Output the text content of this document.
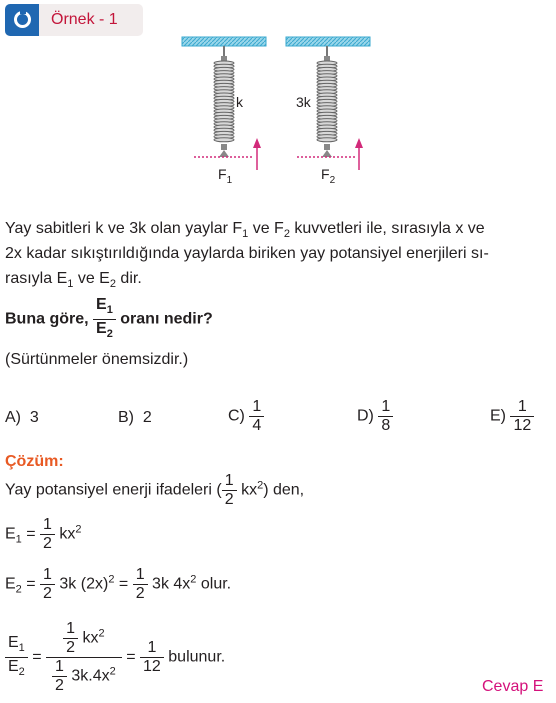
Örnek - 1
k	3k
$F_1$	$F_2$
Yay sabitleri k ve 3k olan yaylar $F_1$ ve $F_2$ kuvvetleri ile, sırasıyla x ve
2x kadar sıkıştırıldığında yaylarda biriken yay potansiyel enerjileri sı-
rasıyla $E_1$ ve $E_2$ dir.
Buna göre, $\frac{E_1}{E_2}$ oranı nedir?
(Sürtünmeler önemsizdir.)
A) 3	B) 2	$C) \frac{1}{4}$	$D) \frac{1}{8}$	$E) \frac{1}{12}$
Çözüm:
Yay potansiyel enerji ifadeleri ( $\frac{1}{2} kx^2$) den,
$E_1 = \frac{1}{2} kx^2$
$E_2 = \frac{1}{2} 3k$ $(2x)^2 = \frac{1}{2} 3k$ $4x^2$ olur.
$\frac{E_1}{E_2} = \frac{\frac{1}{2} kx^2}{\frac{1}{2} 3k.4x^2} = \frac{1}{12}$ bulunur.
Cevap E
